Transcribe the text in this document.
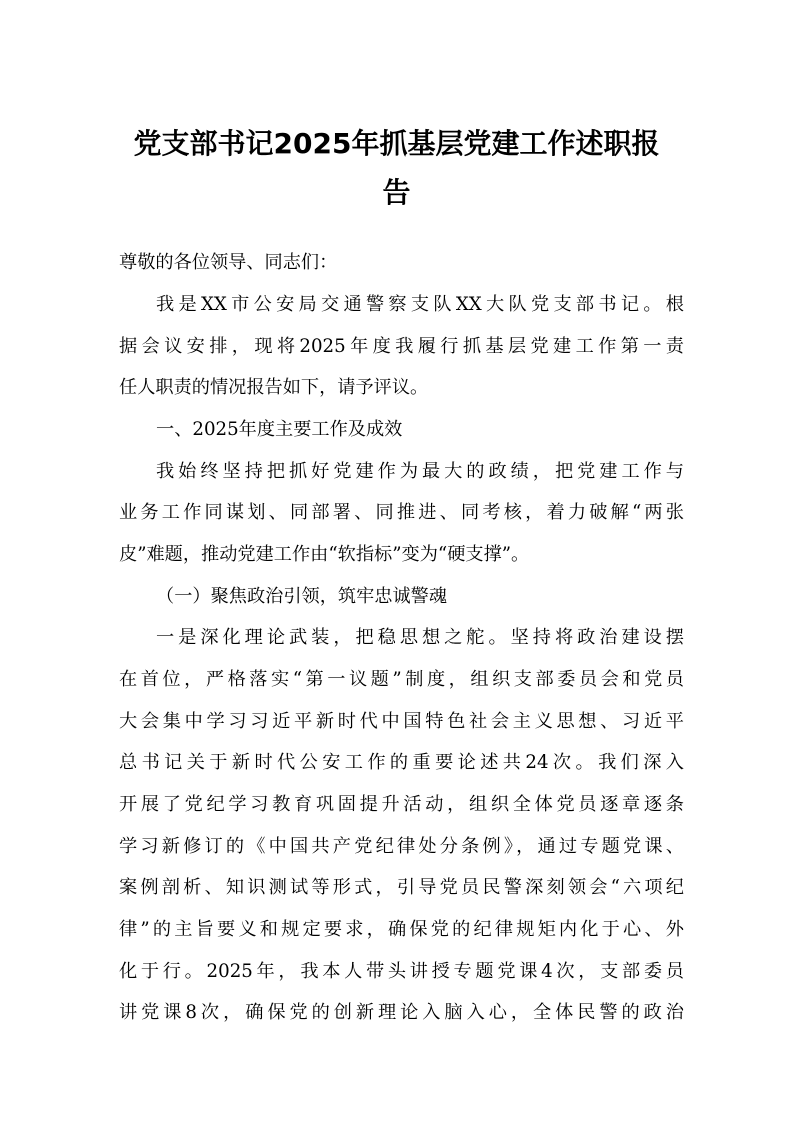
党支部书记2025年抓基层党建工作述职报
告
尊敬的各位领导、同志们：
我是XX市公安局交通警察支队XX大队党支部书记。根
据会议安排，现将2025年度我履行抓基层党建工作第一责
任人职责的情况报告如下，请予评议。
一、2025年度主要工作及成效
我始终坚持把抓好党建作为最大的政绩，把党建工作与
业务工作同谋划、同部署、同推进、同考核，着力破解“两张
皮”难题，推动党建工作由“软指标”变为“硬支撑”。
（一）聚焦政治引领，筑牢忠诚警魂
一是深化理论武装，把稳思想之舵。坚持将政治建设摆
在首位，严格落实“第一议题”制度，组织支部委员会和党员
大会集中学习习近平新时代中国特色社会主义思想、习近平
总书记关于新时代公安工作的重要论述共24次。我们深入
开展了党纪学习教育巩固提升活动，组织全体党员逐章逐条
学习新修订的《中国共产党纪律处分条例》，通过专题党课、
案例剖析、知识测试等形式，引导党员民警深刻领会“六项纪
律”的主旨要义和规定要求，确保党的纪律规矩内化于心、外
化于行。2025年，我本人带头讲授专题党课4次，支部委员
讲党课8次，确保党的创新理论入脑入心，全体民警的政治
